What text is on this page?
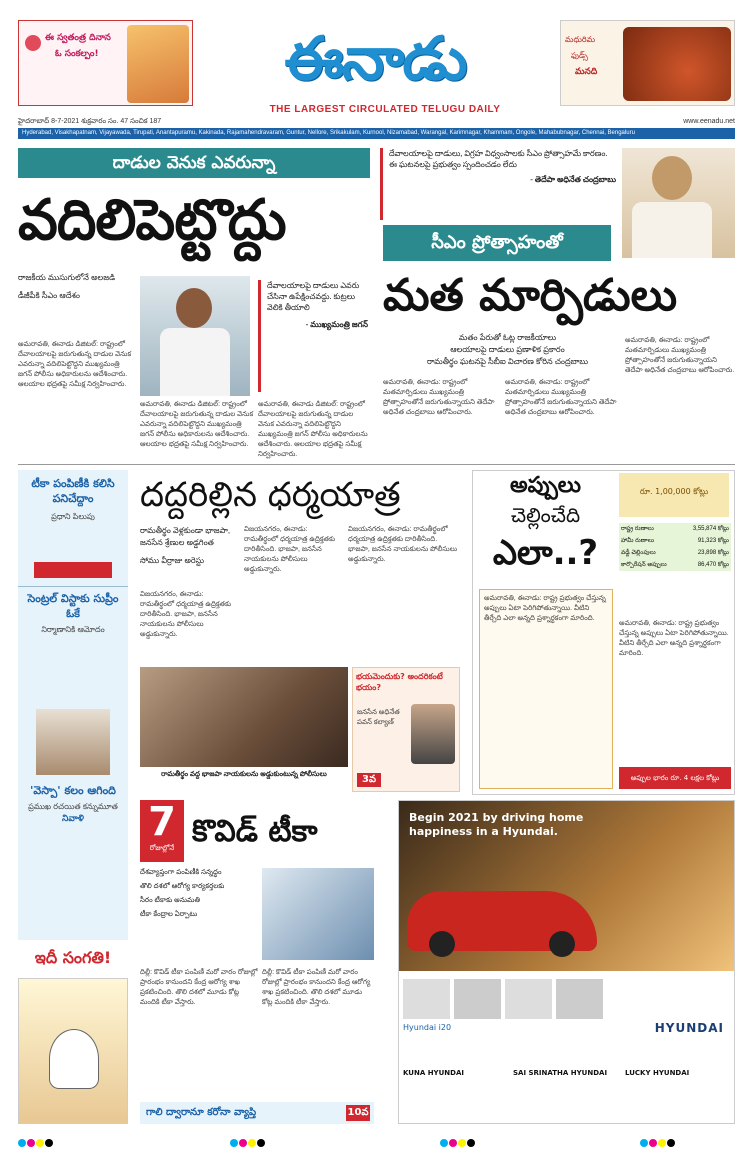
ఈ స్వతంత్ర దినాన
ఓ సంకల్పం!	ఈనాడు
THE LARGEST CIRCULATED TELUGU DAILY
మధురిమ
ఫుడ్స్
మనది
హైదరాబాద్ 8-7-2021 శుక్రవారం సం. 47 సంచిక 187	www.eenadu.net
Hyderabad, Visakhapatnam, Vijayawada, Tirupati, Anantapuramu, Kakinada, Rajamahendravaram, Guntur, Nellore, Srikakulam, Kurnool, Nizamabad, Warangal, Karimnagar, Khammam, Ongole, Mahabubnagar, Chennai, Bengaluru
దాడుల వెనుక ఎవరున్నా
వదిలిపెట్టొద్దు
రాజకీయ ముసుగులోనే అలజడి
డీజీపీకి సీఎం ఆదేశం
అమరావతి, ఈనాడు డిజిటల్: రాష్ట్రంలో దేవాలయాలపై జరుగుతున్న దాడుల వెనుక ఎవరున్నా వదిలిపెట్టొద్దని ముఖ్యమంత్రి జగన్ పోలీసు అధికారులను ఆదేశించారు. ఆలయాల భద్రతపై సమీక్ష నిర్వహించారు.
దేవాలయాలపై దాడులు ఎవరు చేసినా ఉపేక్షించవద్దు. కుట్రలు వెలికి తీయాలి
- ముఖ్యమంత్రి జగన్
అమరావతి, ఈనాడు డిజిటల్: రాష్ట్రంలో దేవాలయాలపై జరుగుతున్న దాడుల వెనుక ఎవరున్నా వదిలిపెట్టొద్దని ముఖ్యమంత్రి జగన్ పోలీసు అధికారులను ఆదేశించారు. ఆలయాల భద్రతపై సమీక్ష నిర్వహించారు.
అమరావతి, ఈనాడు డిజిటల్: రాష్ట్రంలో దేవాలయాలపై జరుగుతున్న దాడుల వెనుక ఎవరున్నా వదిలిపెట్టొద్దని ముఖ్యమంత్రి జగన్ పోలీసు అధికారులను ఆదేశించారు. ఆలయాల భద్రతపై సమీక్ష నిర్వహించారు.
దేవాలయాలపై దాడులు, విగ్రహ విధ్వంసాలకు సీఎం ప్రోత్సాహమే కారణం. ఈ ఘటనలపై ప్రభుత్వం స్పందించడం లేదు
- తెదేపా అధినేత చంద్రబాబు
సీఎం ప్రోత్సాహంతో
మత మార్పిడులు
మతం పేరుతో ఓట్ల రాజకీయాలు
ఆలయాలపై దాడులు ప్రణాళిక ప్రకారం
రామతీర్థం ఘటనపై సీబీఐ విచారణ కోరిన చంద్రబాబు
అమరావతి, ఈనాడు: రాష్ట్రంలో మతమార్పిడులు ముఖ్యమంత్రి ప్రోత్సాహంతోనే జరుగుతున్నాయని తెదేపా అధినేత చంద్రబాబు ఆరోపించారు.
అమరావతి, ఈనాడు: రాష్ట్రంలో మతమార్పిడులు ముఖ్యమంత్రి ప్రోత్సాహంతోనే జరుగుతున్నాయని తెదేపా అధినేత చంద్రబాబు ఆరోపించారు.
అమరావతి, ఈనాడు: రాష్ట్రంలో మతమార్పిడులు ముఖ్యమంత్రి ప్రోత్సాహంతోనే జరుగుతున్నాయని తెదేపా అధినేత చంద్రబాబు ఆరోపించారు.
టీకా పంపిణీకి కలిసి పనిచేద్దాం
ప్రధాని పిలుపు
సెంట్రల్ విస్టాకు సుప్రీం ఓకే
నిర్మాణానికి ఆమోదం
'వెస్పా' కలం ఆగింది
ప్రముఖ రచయిత కన్నుమూత
నివాళి
దద్దరిల్లిన ధర్మయాత్ర
రామతీర్థం వెళ్లకుండా భాజపా, జనసేన శ్రేణుల అడ్డగింత
సోము వీర్రాజు అరెస్టు
విజయనగరం, ఈనాడు: రామతీర్థంలో ధర్మయాత్ర ఉద్రిక్తతకు దారితీసింది. భాజపా, జనసేన నాయకులను పోలీసులు అడ్డుకున్నారు.
విజయనగరం, ఈనాడు: రామతీర్థంలో ధర్మయాత్ర ఉద్రిక్తతకు దారితీసింది. భాజపా, జనసేన నాయకులను పోలీసులు అడ్డుకున్నారు.
విజయనగరం, ఈనాడు: రామతీర్థంలో ధర్మయాత్ర ఉద్రిక్తతకు దారితీసింది. భాజపా, జనసేన నాయకులను పోలీసులు అడ్డుకున్నారు.
రామతీర్థం వద్ద భాజపా నాయకులను అడ్డుకుంటున్న పోలీసులు
భయమెందుకు? అందరికంటే భయం?
జనసేన అధినేత పవన్ కల్యాణ్
3వ
అప్పులు
చెల్లించేది
ఎలా..?
రూ. 1,00,000 కోట్లు
రాష్ట్ర రుణాలు	3,55,874 కోట్లు
హామీ రుణాలు	91,323 కోట్లు
వడ్డీ చెల్లింపులు	23,898 కోట్లు
కార్పొరేషన్ అప్పులు	86,470 కోట్లు
అమరావతి, ఈనాడు: రాష్ట్ర ప్రభుత్వం చేస్తున్న అప్పులు ఏటా పెరిగిపోతున్నాయి. వీటిని తీర్చేది ఎలా అన్నది ప్రశ్నార్థకంగా మారింది.
అమరావతి, ఈనాడు: రాష్ట్ర ప్రభుత్వం చేస్తున్న అప్పులు ఏటా పెరిగిపోతున్నాయి. వీటిని తీర్చేది ఎలా అన్నది ప్రశ్నార్థకంగా మారింది.
అప్పుల భారం రూ. 4 లక్షల కోట్లు
7
రోజుల్లోనే కొవిడ్ టీకా
దేశవ్యాప్తంగా పంపిణీకి సన్నద్ధం
తొలి దశలో ఆరోగ్య కార్యకర్తలకు
సీరం టీకాకు అనుమతి
టీకా కేంద్రాల ఏర్పాటు
దిల్లీ: కొవిడ్ టీకా పంపిణీ మరో వారం రోజుల్లో ప్రారంభం కానుందని కేంద్ర ఆరోగ్య శాఖ ప్రకటించింది. తొలి దశలో మూడు కోట్ల మందికి టీకా వేస్తారు.
దిల్లీ: కొవిడ్ టీకా పంపిణీ మరో వారం రోజుల్లో ప్రారంభం కానుందని కేంద్ర ఆరోగ్య శాఖ ప్రకటించింది. తొలి దశలో మూడు కోట్ల మందికి టీకా వేస్తారు.
గాలి ద్వారానూ కరోనా వ్యాప్తి	10వ
ఇదీ సంగతి!
Begin 2021 by driving home happiness in a Hyundai.
Hyundai i20	HYUNDAI
KUNA HYUNDAI	SAI SRINATHA HYUNDAI	LUCKY HYUNDAI
